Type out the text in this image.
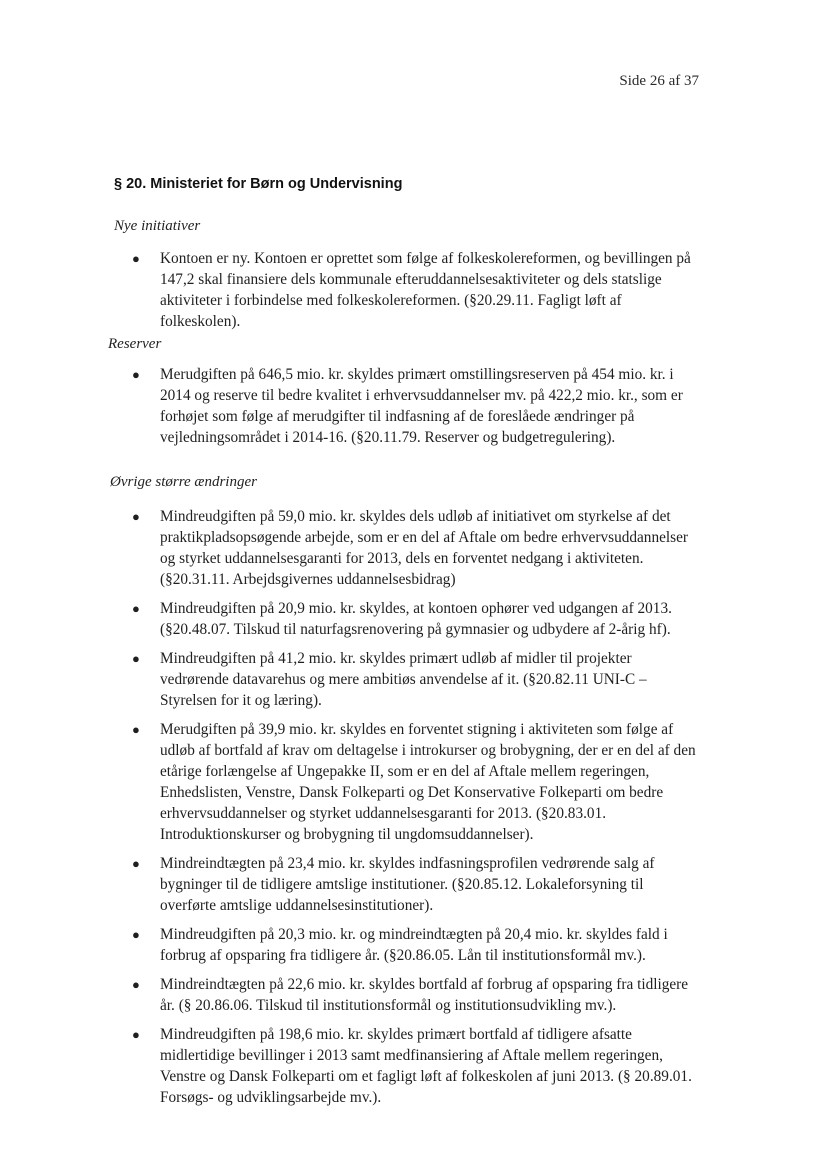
Side 26 af 37
§ 20. Ministeriet for Børn og Undervisning
Nye initiativer
● Kontoen er ny. Kontoen er oprettet som følge af folkeskolereformen, og bevillingen på 147,2 skal finansiere dels kommunale efteruddannelsesaktiviteter og dels statslige aktiviteter i forbindelse med folkeskolereformen. (§20.29.11. Fagligt løft af folkeskolen).
Reserver
● Merudgiften på 646,5 mio. kr. skyldes primært omstillingsreserven på 454 mio. kr. i 2014 og reserve til bedre kvalitet i erhvervsuddannelser mv. på 422,2 mio. kr., som er forhøjet som følge af merudgifter til indfasning af de foreslåede ændringer på vejledningsområdet i 2014-16. (§20.11.79. Reserver og budgetregulering).
Øvrige større ændringer
● Mindreudgiften på 59,0 mio. kr. skyldes dels udløb af initiativet om styrkelse af det praktikpladsopsøgende arbejde, som er en del af Aftale om bedre erhvervsuddannelser og styrket uddannelsesgaranti for 2013, dels en forventet nedgang i aktiviteten. (§20.31.11. Arbejdsgivernes uddannelsesbidrag)
● Mindreudgiften på 20,9 mio. kr. skyldes, at kontoen ophører ved udgangen af 2013. (§20.48.07. Tilskud til naturfagsrenovering på gymnasier og udbydere af 2-årig hf).
● Mindreudgiften på 41,2 mio. kr. skyldes primært udløb af midler til projekter vedrørende datavarehus og mere ambitiøs anvendelse af it. (§20.82.11 UNI-C – Styrelsen for it og læring).
● Merudgiften på 39,9 mio. kr. skyldes en forventet stigning i aktiviteten som følge af udløb af bortfald af krav om deltagelse i introkurser og brobygning, der er en del af den etårige forlængelse af Ungepakke II, som er en del af Aftale mellem regeringen, Enhedslisten, Venstre, Dansk Folkeparti og Det Konservative Folkeparti om bedre erhvervsuddannelser og styrket uddannelsesgaranti for 2013. (§20.83.01. Introduktionskurser og brobygning til ungdomsuddannelser).
● Mindreindtægten på 23,4 mio. kr. skyldes indfasningsprofilen vedrørende salg af bygninger til de tidligere amtslige institutioner. (§20.85.12. Lokaleforsyning til overførte amtslige uddannelsesinstitutioner).
● Mindreudgiften på 20,3 mio. kr. og mindreindtægten på 20,4 mio. kr. skyldes fald i forbrug af opsparing fra tidligere år. (§20.86.05. Lån til institutionsformål mv.).
● Mindreindtægten på 22,6 mio. kr. skyldes bortfald af forbrug af opsparing fra tidligere år. (§ 20.86.06. Tilskud til institutionsformål og institutionsudvikling mv.).
● Mindreudgiften på 198,6 mio. kr. skyldes primært bortfald af tidligere afsatte midlertidige bevillinger i 2013 samt medfinansiering af Aftale mellem regeringen, Venstre og Dansk Folkeparti om et fagligt løft af folkeskolen af juni 2013. (§ 20.89.01. Forsøgs- og udviklingsarbejde mv.).
